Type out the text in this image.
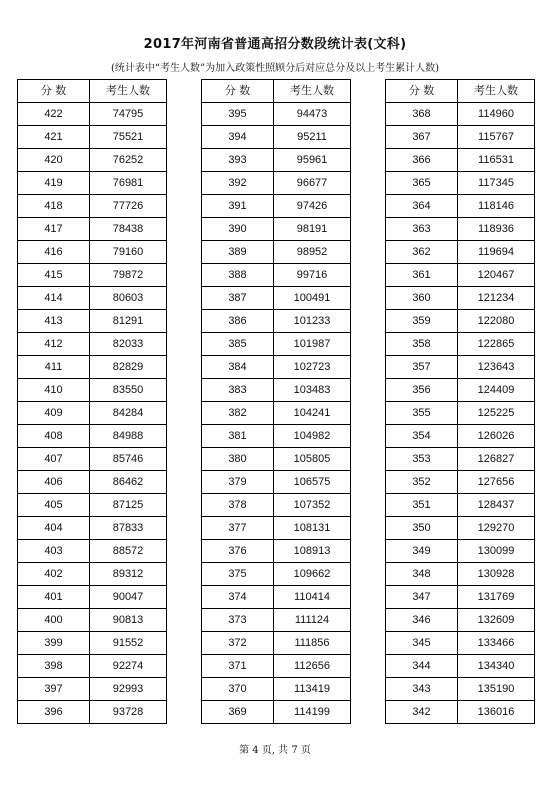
2017年河南省普通高招分数段统计表(文科)
(统计表中“考生人数”为加入政策性照顾分后对应总分及以上考生累计人数)
分 数	考生人数
422	74795
421	75521
420	76252
419	76981
418	77726
417	78438
416	79160
415	79872
414	80603
413	81291
412	82033
411	82829
410	83550
409	84284
408	84988
407	85746
406	86462
405	87125
404	87833
403	88572
402	89312
401	90047
400	90813
399	91552
398	92274
397	92993
396	93728
分 数	考生人数
395	94473
394	95211
393	95961
392	96677
391	97426
390	98191
389	98952
388	99716
387	100491
386	101233
385	101987
384	102723
383	103483
382	104241
381	104982
380	105805
379	106575
378	107352
377	108131
376	108913
375	109662
374	110414
373	111124
372	111856
371	112656
370	113419
369	114199
分 数	考生人数
368	114960
367	115767
366	116531
365	117345
364	118146
363	118936
362	119694
361	120467
360	121234
359	122080
358	122865
357	123643
356	124409
355	125225
354	126026
353	126827
352	127656
351	128437
350	129270
349	130099
348	130928
347	131769
346	132609
345	133466
344	134340
343	135190
342	136016
第 4 页, 共 7 页
